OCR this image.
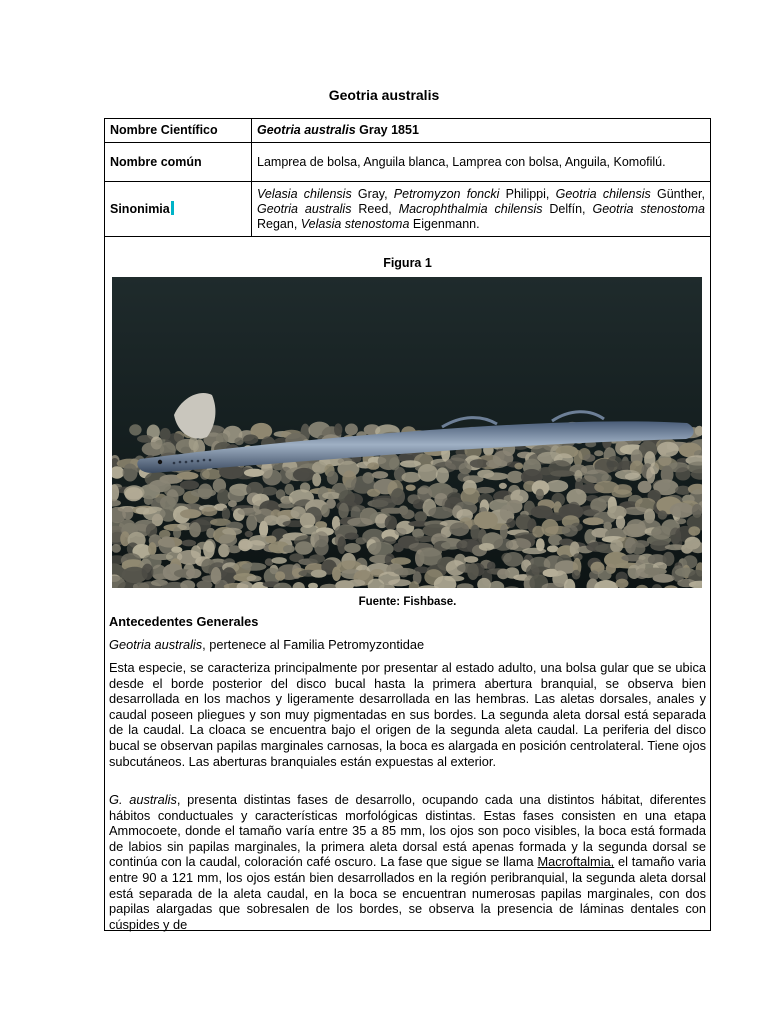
Geotria australis
Nombre Científico	Geotria australis Gray 1851
Nombre común	Lamprea de bolsa, Anguila blanca, Lamprea con bolsa, Anguila, Komofilú.
Sinonimia	Velasia chilensis Gray, Petromyzon foncki Philippi, Geotria chilensis Günther, Geotria australis Reed, Macrophthalmia chilensis Delfín, Geotria stenostoma Regan, Velasia stenostoma Eigenmann.
Figura 1
Fuente: Fishbase.
Antecedentes Generales
Geotria australis, pertenece al Familia Petromyzontidae
Esta especie, se caracteriza principalmente por presentar al estado adulto, una bolsa gular que se ubica desde el borde posterior del disco bucal hasta la primera abertura branquial, se observa bien desarrollada en los machos y ligeramente desarrollada en las hembras. Las aletas dorsales, anales y caudal poseen pliegues y son muy pigmentadas en sus bordes. La segunda aleta dorsal está separada de la caudal. La cloaca se encuentra bajo el origen de la segunda aleta caudal. La periferia del disco bucal se observan papilas marginales carnosas, la boca es alargada en posición centrolateral. Tiene ojos subcutáneos. Las aberturas branquiales están expuestas al exterior.
G. australis, presenta distintas fases de desarrollo, ocupando cada una distintos hábitat, diferentes hábitos conductuales y características morfológicas distintas. Estas fases consisten en una etapa Ammocoete, donde el tamaño varía entre 35 a 85 mm, los ojos son poco visibles, la boca está formada de labios sin papilas marginales, la primera aleta dorsal está apenas formada y la segunda dorsal se continúa con la caudal, coloración café oscuro. La fase que sigue se llama Macroftalmia, el tamaño varia entre 90 a 121 mm, los ojos están bien desarrollados en la región peribranquial, la segunda aleta dorsal está separada de la aleta caudal, en la boca se encuentran numerosas papilas marginales, con dos papilas alargadas que sobresalen de los bordes, se observa la presencia de láminas dentales con cúspides y de
